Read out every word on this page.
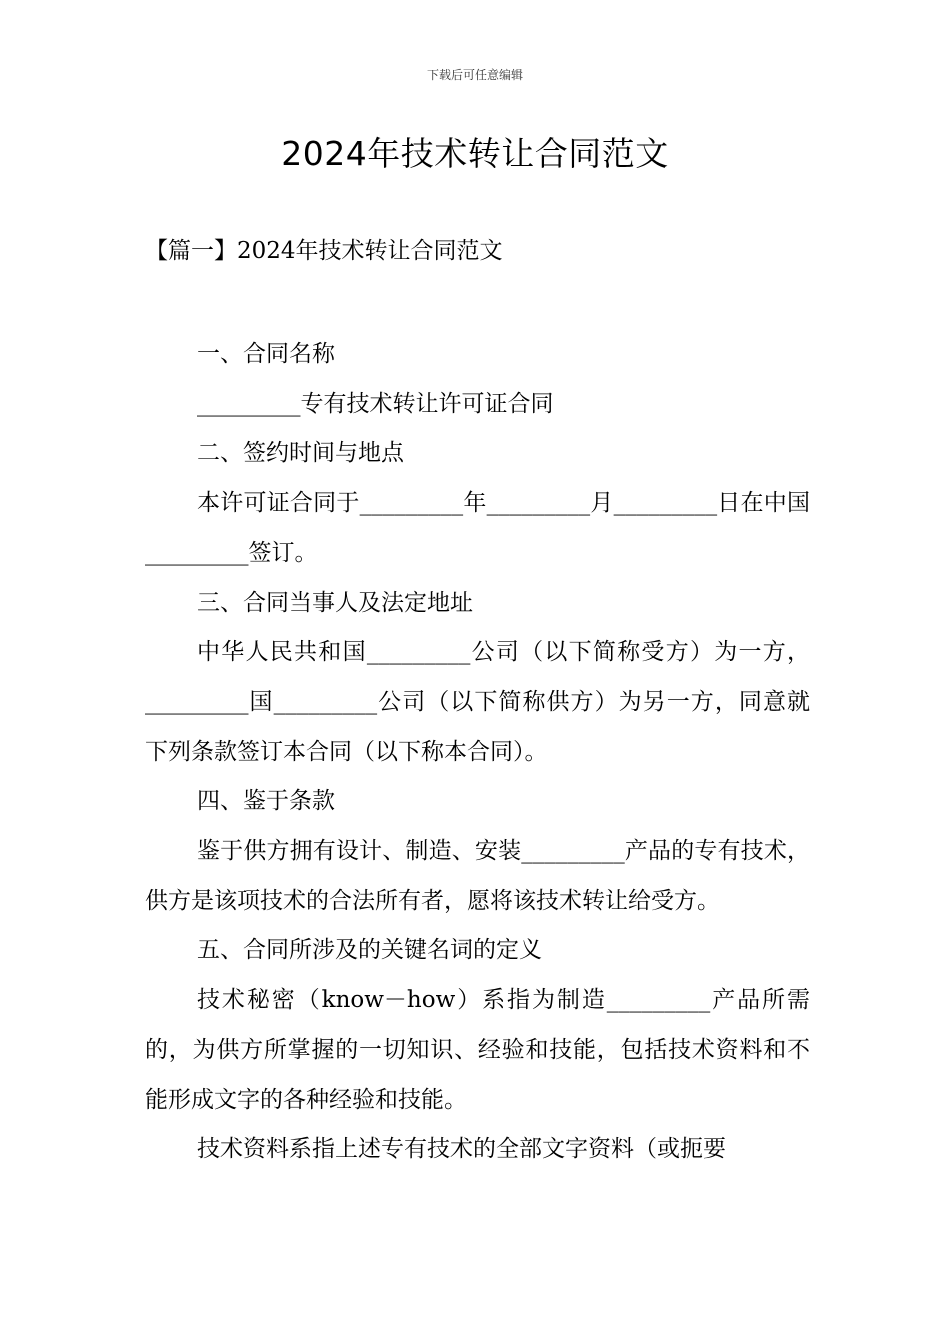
下载后可任意编辑
2024年技术转让合同范文
【篇一】2024年技术转让合同范文

一、合同名称

_________专有技术转让许可证合同

二、签约时间与地点

本许可证合同于_________年_________月_________日在中国_________签订。

三、合同当事人及法定地址

中华人民共和国_________公司（以下简称受方）为一方，_________国_________公司（以下简称供方）为另一方，同意就下列条款签订本合同（以下称本合同）。

四、鉴于条款

鉴于供方拥有设计、制造、安装_________产品的专有技术，供方是该项技术的合法所有者，愿将该技术转让给受方。

五、合同所涉及的关键名词的定义

技术秘密（know－how）系指为制造_________产品所需的，为供方所掌握的一切知识、经验和技能，包括技术资料和不能形成文字的各种经验和技能。

技术资料系指上述专有技术的全部文字资料（或扼要
